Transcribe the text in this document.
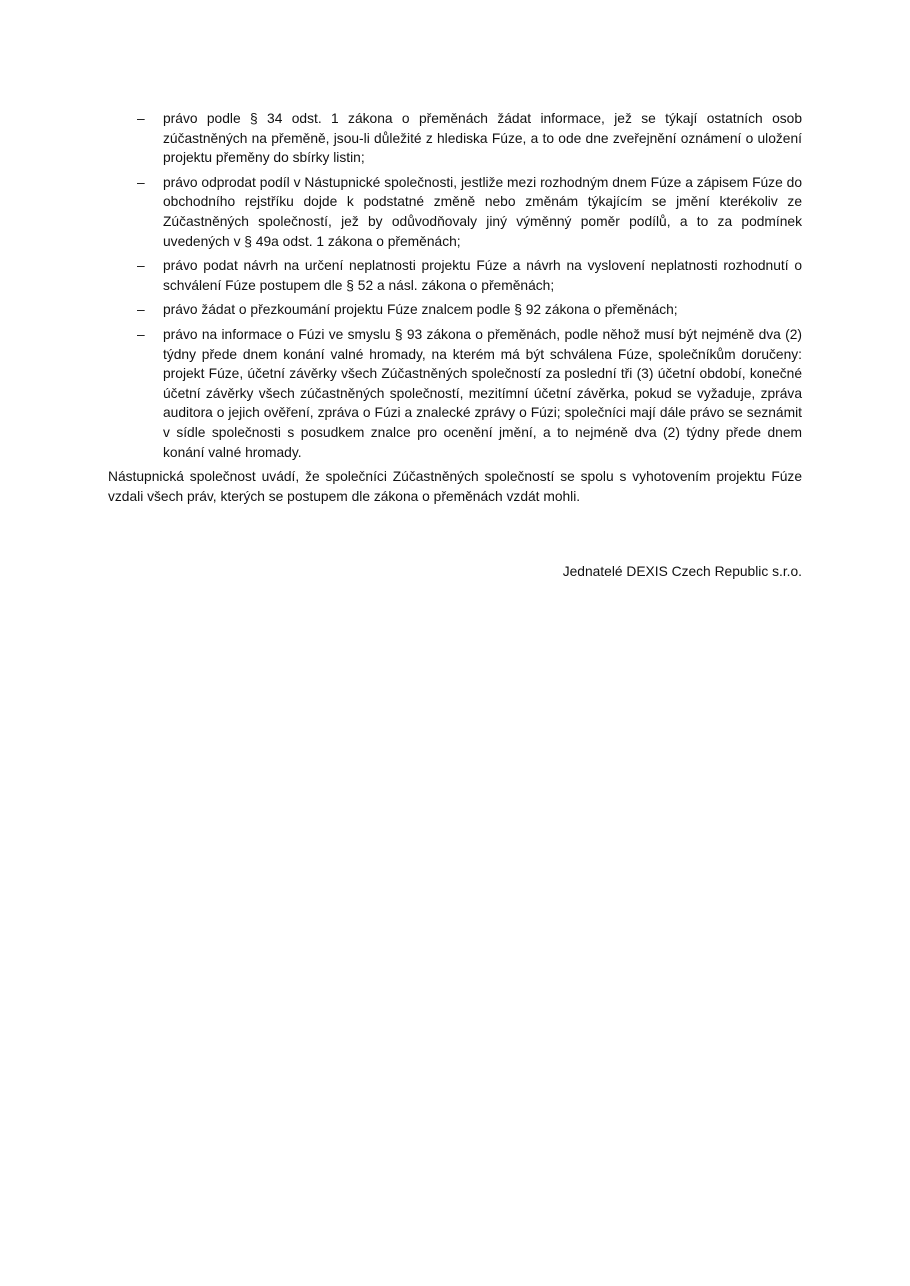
–	právo podle § 34 odst. 1 zákona o přeměnách žádat informace, jež se týkají ostatních osob zúčastněných na přeměně, jsou-li důležité z hlediska Fúze, a to ode dne zveřejnění oznámení o uložení projektu přeměny do sbírky listin;
–	právo odprodat podíl v Nástupnické společnosti, jestliže mezi rozhodným dnem Fúze a zápisem Fúze do obchodního rejstříku dojde k podstatné změně nebo změnám týkajícím se jmění kterékoliv ze Zúčastněných společností, jež by odůvodňovaly jiný výměnný poměr podílů, a to za podmínek uvedených v § 49a odst. 1 zákona o přeměnách;
–	právo podat návrh na určení neplatnosti projektu Fúze a návrh na vyslovení neplatnosti rozhodnutí o schválení Fúze postupem dle § 52 a násl. zákona o přeměnách;
–	právo žádat o přezkoumání projektu Fúze znalcem podle § 92 zákona o přeměnách;
–	právo na informace o Fúzi ve smyslu § 93 zákona o přeměnách, podle něhož musí být nejméně dva (2) týdny přede dnem konání valné hromady, na kterém má být schválena Fúze, společníkům doručeny: projekt Fúze, účetní závěrky všech Zúčastněných společností za poslední tři (3) účetní období, konečné účetní závěrky všech zúčastněných společností, mezitímní účetní závěrka, pokud se vyžaduje, zpráva auditora o jejich ověření, zpráva o Fúzi a znalecké zprávy o Fúzi; společníci mají dále právo se seznámit v sídle společnosti s posudkem znalce pro ocenění jmění, a to nejméně dva (2) týdny přede dnem konání valné hromady.

Nástupnická společnost uvádí, že společníci Zúčastněných společností se spolu s vyhotovením projektu Fúze vzdali všech práv, kterých se postupem dle zákona o přeměnách vzdát mohli.

Jednatelé DEXIS Czech Republic s.r.o.
